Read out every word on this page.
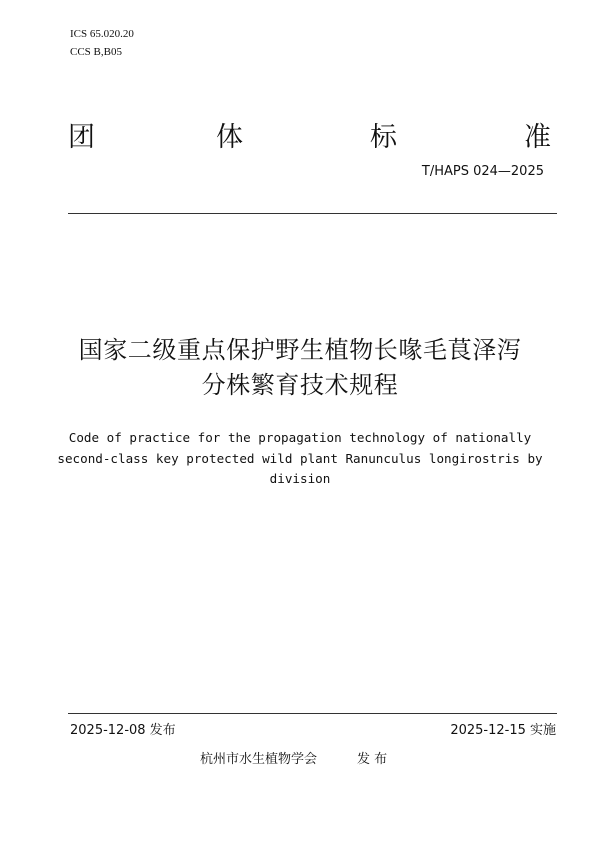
ICS 65.020.20
CCS B,B05
团	体	标	准
T/HAPS 024—2025
国家二级重点保护野生植物长喙毛茛泽泻
分株繁育技术规程
Code of practice for the propagation technology of nationally
second-class key protected wild plant Ranunculus longirostris by
division
2025-12-08 发布	2025-12-15 实施
杭州市水生植物学会	发 布
